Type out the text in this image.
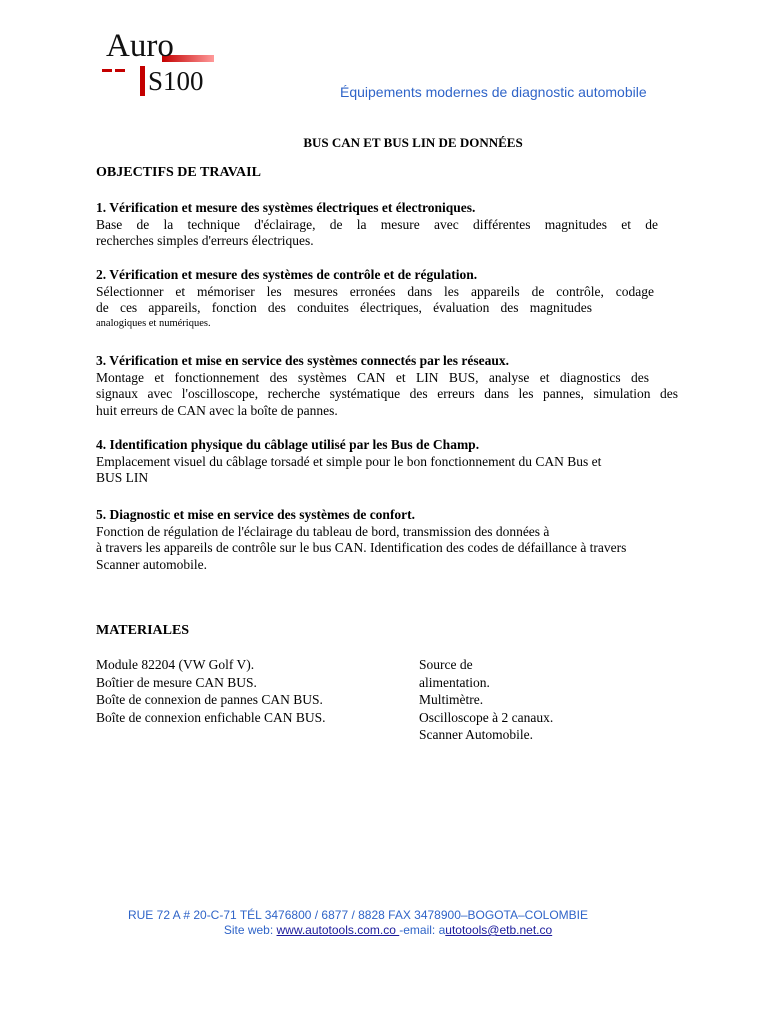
Auro
S100	Équipements modernes de diagnostic automobile
BUS CAN ET BUS LIN DE DONNÉES
OBJECTIFS DE TRAVAIL
1. Vérification et mesure des systèmes électriques et électroniques.
Base de la technique d'éclairage, de la mesure avec différentes magnitudes et de
recherches simples d'erreurs électriques.
2. Vérification et mesure des systèmes de contrôle et de régulation.
Sélectionner et mémoriser les mesures erronées dans les appareils de contrôle, codage
de ces appareils, fonction des conduites électriques, évaluation des magnitudes
analogiques et numériques.
3. Vérification et mise en service des systèmes connectés par les réseaux.
Montage et fonctionnement des systèmes CAN et LIN BUS, analyse et diagnostics des
signaux avec l'oscilloscope, recherche systématique des erreurs dans les pannes, simulation des
huit erreurs de CAN avec la boîte de pannes.
4. Identification physique du câblage utilisé par les Bus de Champ.
Emplacement visuel du câblage torsadé et simple pour le bon fonctionnement du CAN Bus et
BUS LIN
5. Diagnostic et mise en service des systèmes de confort.
Fonction de régulation de l'éclairage du tableau de bord, transmission des données à
à travers les appareils de contrôle sur le bus CAN. Identification des codes de défaillance à travers
Scanner automobile.
MATERIALES
Module 82204 (VW Golf V).
Boîtier de mesure CAN BUS.
Boîte de connexion de pannes CAN BUS.
Boîte de connexion enfichable CAN BUS.
Source de
alimentation.
Multimètre.
Oscilloscope à 2 canaux.
Scanner Automobile.
RUE 72 A # 20-C-71 TÉL 3476800 / 6877 / 8828 FAX 3478900–BOGOTA–COLOMBIE
Site web: www.autotools.com.co -email: autotools@etb.net.co
